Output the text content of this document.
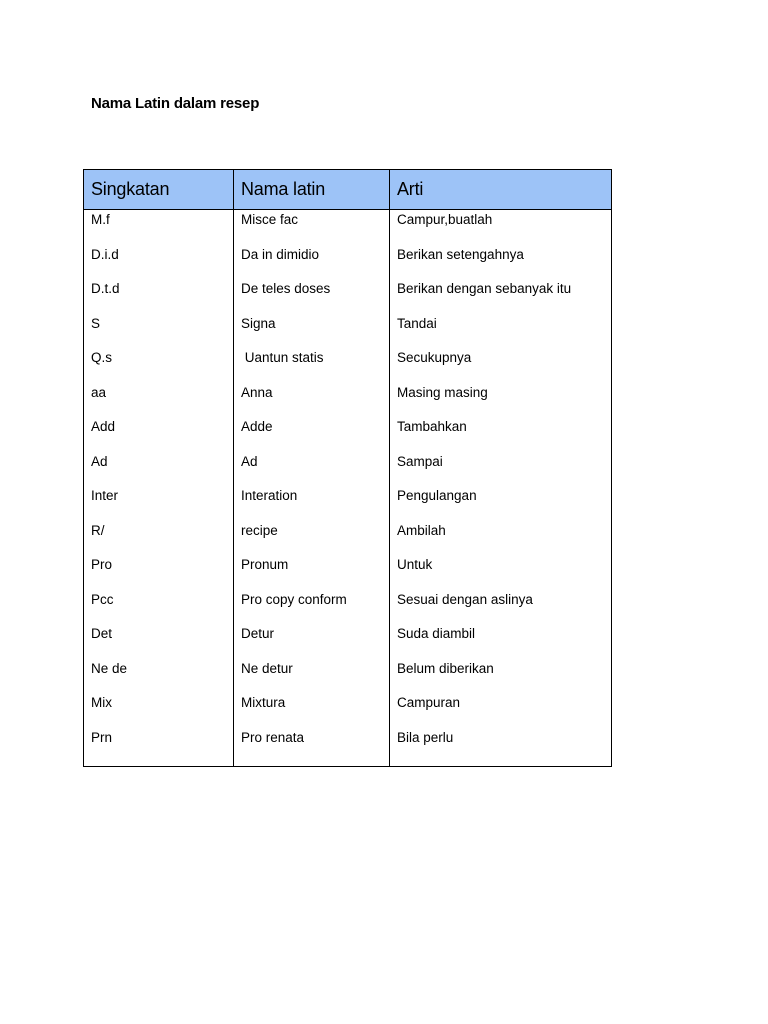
Nama Latin dalam resep
Singkatan	Nama latin	Arti
M.f	Misce fac	Campur,buatlah
D.i.d	Da in dimidio	Berikan setengahnya
D.t.d	De teles doses	Berikan dengan sebanyak itu
S	Signa	Tandai
Q.s	Uantun statis	Secukupnya
aa	Anna	Masing masing
Add	Adde	Tambahkan
Ad	Ad	Sampai
Inter	Interation	Pengulangan
R/	recipe	Ambilah
Pro	Pronum	Untuk
Pcc	Pro copy conform	Sesuai dengan aslinya
Det	Detur	Suda diambil
Ne de	Ne detur	Belum diberikan
Mix	Mixtura	Campuran
Prn	Pro renata	Bila perlu
